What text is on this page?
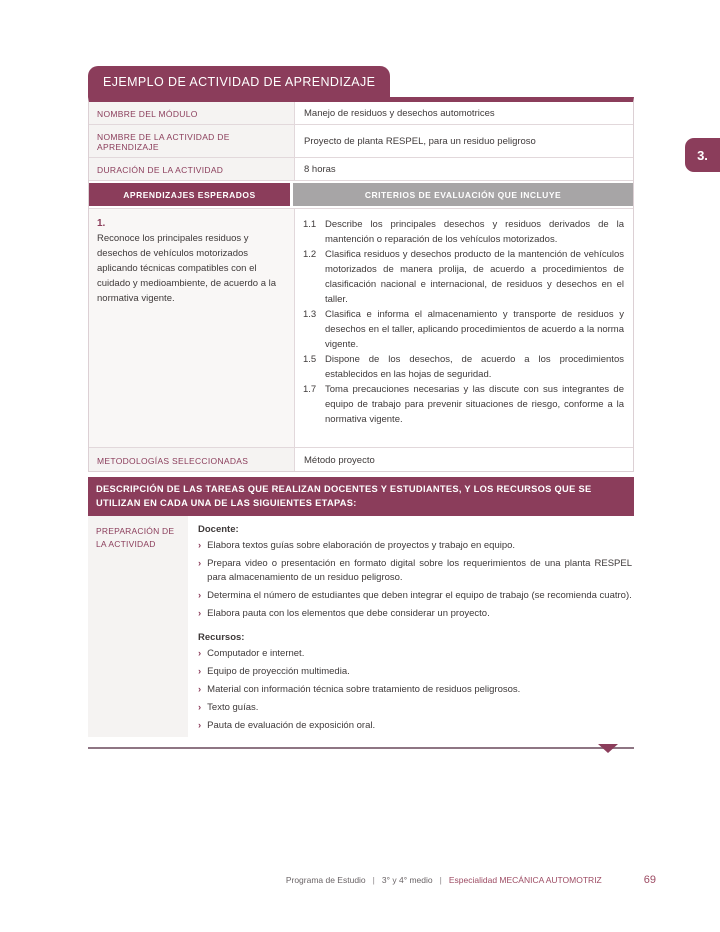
3.
EJEMPLO DE ACTIVIDAD DE APRENDIZAJE
NOMBRE DEL MÓDULO	Manejo de residuos y desechos automotrices
NOMBRE DE LA ACTIVIDAD DE APRENDIZAJE	Proyecto de planta RESPEL, para un residuo peligroso
DURACIÓN DE LA ACTIVIDAD	8 horas
APRENDIZAJES ESPERADOS	CRITERIOS DE EVALUACIÓN QUE INCLUYE
1.
Reconoce los principales residuos y desechos de vehículos motorizados aplicando técnicas compatibles con el cuidado y medioambiente, de acuerdo a la normativa vigente.
1.1 Describe los principales desechos y residuos derivados de la mantención o reparación de los vehículos motorizados.
1.2 Clasifica residuos y desechos producto de la mantención de vehículos motorizados de manera prolija, de acuerdo a procedimientos de clasificación nacional e internacional, de residuos y desechos en el taller.
1.3 Clasifica e informa el almacenamiento y transporte de residuos y desechos en el taller, aplicando procedimientos de acuerdo a la norma vigente.
1.5 Dispone de los desechos, de acuerdo a los procedimientos establecidos en las hojas de seguridad.
1.7 Toma precauciones necesarias y las discute con sus integrantes de equipo de trabajo para prevenir situaciones de riesgo, conforme a la normativa vigente.
METODOLOGÍAS SELECCIONADAS	Método proyecto
DESCRIPCIÓN DE LAS TAREAS QUE REALIZAN DOCENTES Y ESTUDIANTES, Y LOS RECURSOS QUE SE UTILIZAN EN CADA UNA DE LAS SIGUIENTES ETAPAS:
PREPARACIÓN DE LA ACTIVIDAD
Docente:
› Elabora textos guías sobre elaboración de proyectos y trabajo en equipo.
› Prepara video o presentación en formato digital sobre los requerimientos de una planta RESPEL para almacenamiento de un residuo peligroso.
› Determina el número de estudiantes que deben integrar el equipo de trabajo (se recomienda cuatro).
› Elabora pauta con los elementos que debe considerar un proyecto.
Recursos:
› Computador e internet.
› Equipo de proyección multimedia.
› Material con información técnica sobre tratamiento de residuos peligrosos.
› Texto guías.
› Pauta de evaluación de exposición oral.
Programa de Estudio | 3° y 4° medio | Especialidad MECÁNICA AUTOMOTRIZ	69
